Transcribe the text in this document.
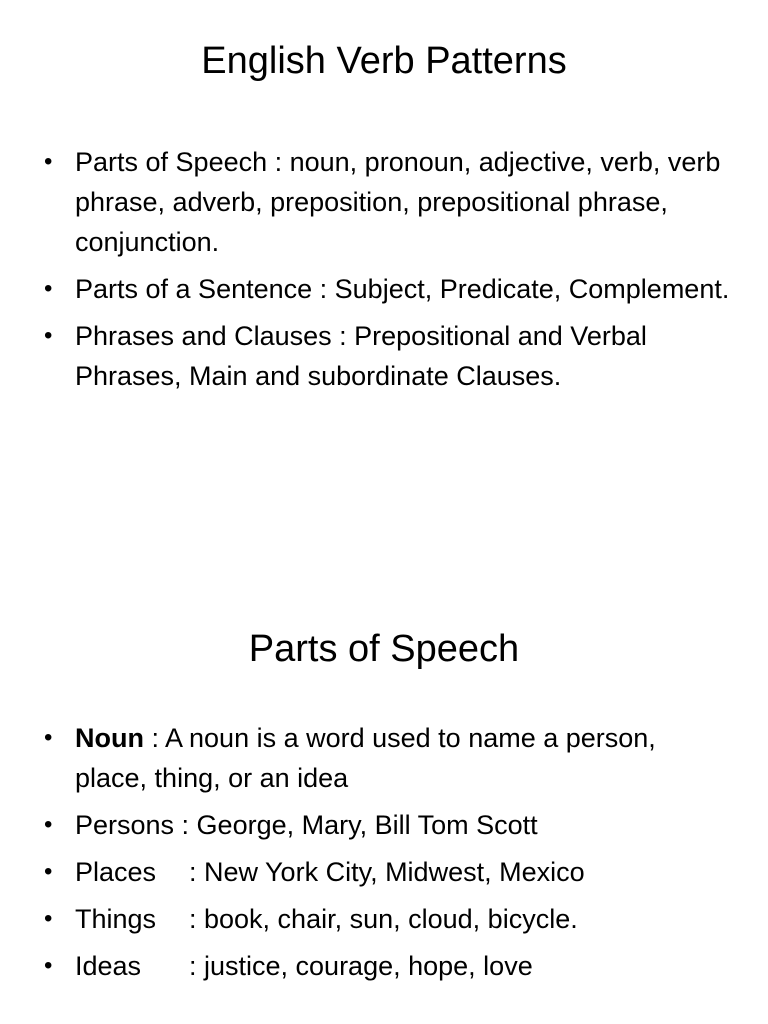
English Verb Patterns
• Parts of Speech : noun, pronoun, adjective, verb, verb phrase, adverb, preposition, prepositional phrase, conjunction.
• Parts of a Sentence : Subject, Predicate, Complement.
• Phrases and Clauses : Prepositional and Verbal Phrases, Main and subordinate Clauses.
Parts of Speech
• Noun : A noun is a word used to name a person, place, thing, or an idea
• Persons : George, Mary, Bill Tom Scott
• Places : New York City, Midwest, Mexico
• Things : book, chair, sun, cloud, bicycle.
• Ideas : justice, courage, hope, love
